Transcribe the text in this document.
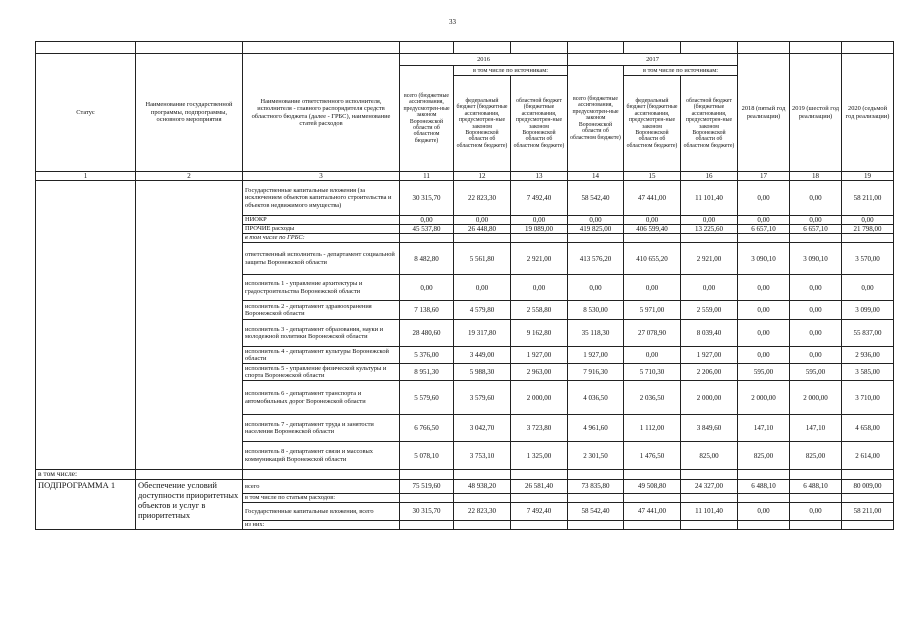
33

Статус	Наименование государственной программы, подпрограммы, основного мероприятия	Наименование ответственного исполнителя, исполнителя - главного распорядителя средств областного бюджета (далее - ГРБС), наименование статей расходов	2016			2017			2018 (пятый год реализации)	2019 (шестой год реализации)	2020 (седьмой год реализации)
			всего (бюджетные ассигнования, предусмотрен-ные законом Воронежской области об областном бюджете)	в том числе по источникам:		всего (бюджетные ассигнования, предусмотрен-ные законом Воронежской области об областном бюджете)	в том числе по источникам:				
				федеральный бюджет (бюджетные ассигнования, предусмотрен-ные законом Воронежской области об областном бюджете)	областной бюджет (бюджетные ассигнования, предусмотрен-ные законом Воронежской области об областном бюджете)		федеральный бюджет (бюджетные ассигнования, предусмотрен-ные законом Воронежской области об областном бюджете)	областной бюджет (бюджетные ассигнования, предусмотрен-ные законом Воронежской области об областном бюджете)			
1	2	3	11	12	13	14	15	16	17	18	19
		Государственные капитальные вложения (за исключением объектов капитального строительства и объектов недвижимого имущества)	30 315,70	22 823,30	7 492,40	58 542,40	47 441,00	11 101,40	0,00	0,00	58 211,00
		НИОКР	0,00	0,00	0,00	0,00	0,00	0,00	0,00	0,00	0,00
		ПРОЧИЕ расходы	45 537,80	26 448,80	19 089,00	419 825,00	406 599,40	13 225,60	6 657,10	6 657,10	21 798,00
		в том числе по ГРБС:									
		ответственный исполнитель - департамент социальной защиты Воронежской области	8 482,80	5 561,80	2 921,00	413 576,20	410 655,20	2 921,00	3 090,10	3 090,10	3 570,00
		исполнитель 1 - управление архитектуры и градостроительства Воронежской области	0,00	0,00	0,00	0,00	0,00	0,00	0,00	0,00	0,00
		исполнитель 2 - департамент здравоохранения Воронежской области	7 138,60	4 579,80	2 558,80	8 530,00	5 971,00	2 559,00	0,00	0,00	3 099,00
		исполнитель 3 - департамент образования, науки и молодежной политики Воронежской области	28 480,60	19 317,80	9 162,80	35 118,30	27 078,90	8 039,40	0,00	0,00	55 837,00
		исполнитель 4 - департамент культуры Воронежской области	5 376,00	3 449,00	1 927,00	1 927,00	0,00	1 927,00	0,00	0,00	2 936,00
		исполнитель 5 - управление физической культуры и спорта Воронежской области	8 951,30	5 988,30	2 963,00	7 916,30	5 710,30	2 206,00	595,00	595,00	3 585,00
		исполнитель 6 - департамент транспорта и автомобильных дорог Воронежской области	5 579,60	3 579,60	2 000,00	4 036,50	2 036,50	2 000,00	2 000,00	2 000,00	3 710,00
		исполнитель 7 - департамент труда и занятости населения Воронежской области	6 766,50	3 042,70	3 723,80	4 961,60	1 112,00	3 849,60	147,10	147,10	4 658,00
		исполнитель 8 - департамент связи и массовых коммуникаций Воронежской области	5 078,10	3 753,10	1 325,00	2 301,50	1 476,50	825,00	825,00	825,00	2 614,00
в том числе:											
ПОДПРОГРАММА 1	Обеспечение условий доступности приоритетных объектов и услуг в приоритетных	всего	75 519,60	48 938,20	26 581,40	73 835,80	49 508,80	24 327,00	6 488,10	6 488,10	80 009,00
		в том числе по статьям расходов:									
		Государственные капитальные вложения, всего	30 315,70	22 823,30	7 492,40	58 542,40	47 441,00	11 101,40	0,00	0,00	58 211,00
		из них:									
